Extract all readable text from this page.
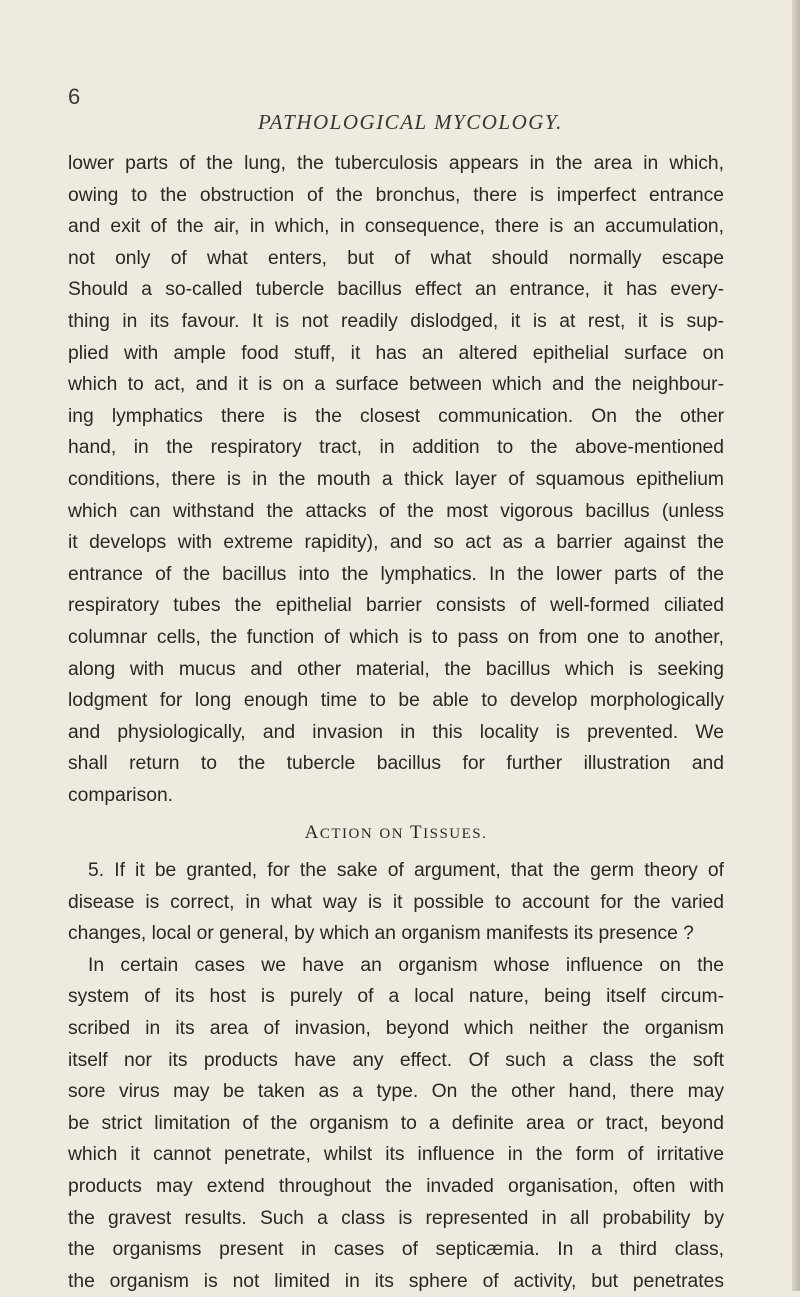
6
PATHOLOGICAL MYCOLOGY.
lower parts of the lung, the tuberculosis appears in the area in which,
owing to the obstruction of the bronchus, there is imperfect entrance
and exit of the air, in which, in consequence, there is an accumulation,
not only of what enters, but of what should normally escape
Should a so-called tubercle bacillus effect an entrance, it has every-
thing in its favour. It is not readily dislodged, it is at rest, it is sup-
plied with ample food stuff, it has an altered epithelial surface on
which to act, and it is on a surface between which and the neighbour-
ing lymphatics there is the closest communication. On the other
hand, in the respiratory tract, in addition to the above-mentioned
conditions, there is in the mouth a thick layer of squamous epithelium
which can withstand the attacks of the most vigorous bacillus (unless
it develops with extreme rapidity), and so act as a barrier against the
entrance of the bacillus into the lymphatics. In the lower parts of the
respiratory tubes the epithelial barrier consists of well-formed ciliated
columnar cells, the function of which is to pass on from one to another,
along with mucus and other material, the bacillus which is seeking
lodgment for long enough time to be able to develop morphologically
and physiologically, and invasion in this locality is prevented. We
shall return to the tubercle bacillus for further illustration and
comparison.
ACTION ON TISSUES.
5. If it be granted, for the sake of argument, that the germ theory of
disease is correct, in what way is it possible to account for the varied
changes, local or general, by which an organism manifests its presence ?
In certain cases we have an organism whose influence on the
system of its host is purely of a local nature, being itself circum-
scribed in its area of invasion, beyond which neither the organism
itself nor its products have any effect. Of such a class the soft
sore virus may be taken as a type. On the other hand, there may
be strict limitation of the organism to a definite area or tract, beyond
which it cannot penetrate, whilst its influence in the form of irritative
products may extend throughout the invaded organisation, often with
the gravest results. Such a class is represented in all probability by
the organisms present in cases of septicæmia. In a third class,
the organism is not limited in its sphere of activity, but penetrates
